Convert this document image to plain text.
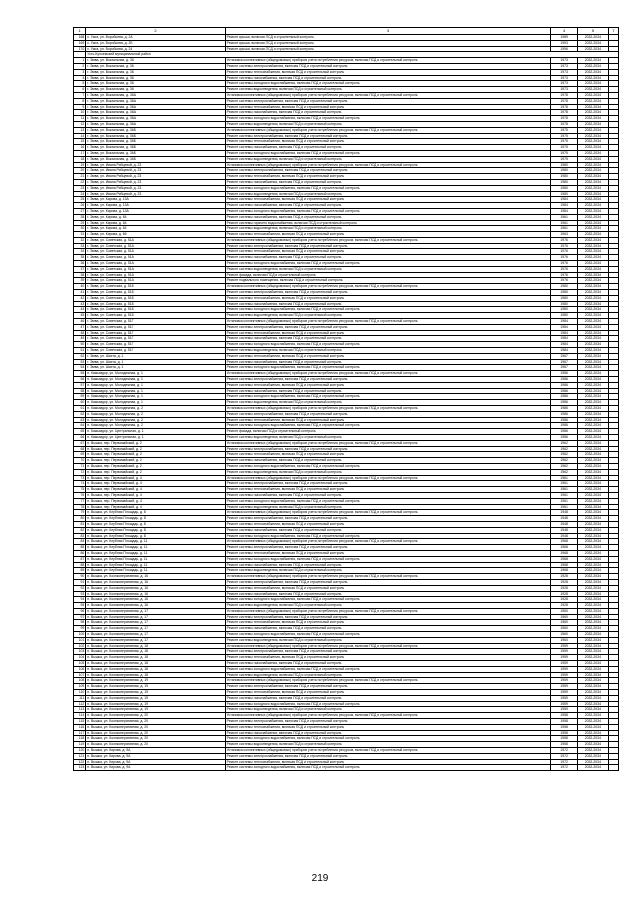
1	2	3	4	5	7
168	с. Ужга, ул. Воробьева, д. 2А	Ремонт крыши, включая ПСД и строительный контроль	1989	2032-2034	
169	с. Ужга, ул. Воробьева, д. 2Б	Ремонт крыши, включая ПСД и строительный контроль	1993	2032-2034	
170	с. Ужга, ул. Воробьева, д. 24	Ремонт крыши, включая ПСД и строительный контроль	1996	2032-2034	
	Усть-Кулоемский муниципальный район				
1	г. Эмва, ул. Вокзальная, д. 36	Установка коллективных (общедомовых) приборов учета потребления ресурсов, включая ПСД и строительный контроль	1973	2032-2034	
2	г. Эмва, ул. Вокзальная, д. 36	Ремонт системы электроснабжения, включая ПСД и строительный контроль	1973	2032-2034	
3	г. Эмва, ул. Вокзальная, д. 36	Ремонт системы теплоснабжения, включая ПСД и строительный контроль	1973	2032-2034	
4	г. Эмва, ул. Вокзальная, д. 36	Ремонт системы газоснабжения, включая ПСД и строительный контроль	1973	2032-2034	
5	г. Эмва, ул. Вокзальная, д. 36	Ремонт системы холодного водоснабжения, включая ПСД и строительный контроль	1973	2032-2034	
6	г. Эмва, ул. Вокзальная, д. 36	Ремонт системы водоотведения, включая ПСД и строительный контроль	1973	2032-2034	
7	г. Эмва, ул. Вокзальная, д. 36А	Установка коллективных (общедомовых) приборов учета потребления ресурсов, включая ПСД и строительный контроль	1978	2032-2034	
8	г. Эмва, ул. Вокзальная, д. 36А	Ремонт системы электроснабжения, включая ПСД и строительный контроль	1978	2032-2034	
9	г. Эмва, ул. Вокзальная, д. 36А	Ремонт системы теплоснабжения, включая ПСД и строительный контроль	1978	2032-2034	
10	г. Эмва, ул. Вокзальная, д. 36А	Ремонт системы газоснабжения, включая ПСД и строительный контроль	1978	2032-2034	
11	г. Эмва, ул. Вокзальная, д. 36А	Ремонт системы холодного водоснабжения, включая ПСД и строительный контроль	1978	2032-2034	
12	г. Эмва, ул. Вокзальная, д. 36А	Ремонт системы водоотведения, включая ПСД и строительный контроль	1978	2032-2034	
13	г. Эмва, ул. Вокзальная, д. 36Б	Установка коллективных (общедомовых) приборов учета потребления ресурсов, включая ПСД и строительный контроль	1975	2032-2034	
14	г. Эмва, ул. Вокзальная, д. 36Б	Ремонт системы электроснабжения, включая ПСД и строительный контроль	1975	2032-2034	
15	г. Эмва, ул. Вокзальная, д. 36Б	Ремонт системы теплоснабжения, включая ПСД и строительный контроль	1975	2032-2034	
16	г. Эмва, ул. Вокзальная, д. 36Б	Ремонт системы газоснабжения, включая ПСД и строительный контроль	1975	2032-2034	
17	г. Эмва, ул. Вокзальная, д. 36Б	Ремонт системы холодного водоснабжения, включая ПСД и строительный контроль	1975	2032-2034	
18	г. Эмва, ул. Вокзальная, д. 36Б	Ремонт системы водоотведения, включая ПСД и строительный контроль	1975	2032-2034	
19	г. Эмва, ул. Ивана Рябцевой, д. 23	Установка коллективных (общедомовых) приборов учета потребления ресурсов, включая ПСД и строительный контроль	1980	2032-2034	
20	г. Эмва, ул. Ивана Рябцевой, д. 23	Ремонт системы электроснабжения, включая ПСД и строительный контроль	1980	2032-2034	
21	г. Эмва, ул. Ивана Рябцевой, д. 23	Ремонт системы теплоснабжения, включая ПСД и строительный контроль	1980	2032-2034	
22	г. Эмва, ул. Ивана Рябцевой, д. 23	Ремонт системы газоснабжения, включая ПСД и строительный контроль	1980	2032-2034	
23	г. Эмва, ул. Ивана Рябцевой, д. 23	Ремонт системы холодного водоснабжения, включая ПСД и строительный контроль	1980	2032-2034	
24	г. Эмва, ул. Ивана Рябцевой, д. 23	Ремонт системы водоотведения, включая ПСД и строительный контроль	1980	2032-2034	
25	г. Эмва, ул. Кирова, д. 13А	Ремонт системы теплоснабжения, включая ПСД и строительный контроль	1984	2032-2034	
26	г. Эмва, ул. Кирова, д. 13А	Ремонт системы газоснабжения, включая ПСД и строительный контроль	1984	2032-2034	
27	г. Эмва, ул. Кирова, д. 13А	Ремонт системы холодного водоснабжения, включая ПСД и строительный контроль	1984	2032-2034	
28	г. Эмва, ул. Кирова, д. 64	Ремонт системы газоснабжения, включая ПСД и строительный контроль	1961	2032-2034	
29	г. Эмва, ул. Кирова, д. 64	Ремонт системы горячего водоснабжения, включая ПСД и строительный контроль	1961	2032-2034	
30	г. Эмва, ул. Кирова, д. 64	Ремонт системы водоотведения, включая ПСД и строительный контроль	1961	2032-2034	
31	г. Эмва, ул. Кирова, д. 66	Ремонт системы теплоснабжения, включая ПСД и строительный контроль	1963	2032-2034	
32	г. Эмва, ул. Советская, д. 51А	Установка коллективных (общедомовых) приборов учета потребления ресурсов, включая ПСД и строительный контроль	1976	2032-2034	
33	г. Эмва, ул. Советская, д. 51А	Ремонт системы электроснабжения, включая ПСД и строительный контроль	1976	2032-2034	
34	г. Эмва, ул. Советская, д. 51А	Ремонт системы теплоснабжения, включая ПСД и строительный контроль	1976	2032-2034	
35	г. Эмва, ул. Советская, д. 51А	Ремонт системы газоснабжения, включая ПСД и строительный контроль	1976	2032-2034	
36	г. Эмва, ул. Советская, д. 51А	Ремонт системы холодного водоснабжения, включая ПСД и строительный контроль	1976	2032-2034	
37	г. Эмва, ул. Советская, д. 51А	Ремонт системы водоотведения, включая ПСД и строительный контроль	1976	2032-2034	
38	г. Эмва, ул. Советская, д. 51А	Ремонт фасада, включая ПСД и строительный контроль	1976	2032-2034	
39	г. Эмва, ул. Советская, д. 51А	Ремонт подвального помещения, включая ПСД и строительный контроль	1976	2032-2034	
40	г. Эмва, ул. Советская, д. 51Б	Установка коллективных (общедомовых) приборов учета потребления ресурсов, включая ПСД и строительный контроль	1980	2032-2034	
41	г. Эмва, ул. Советская, д. 51Б	Ремонт системы электроснабжения, включая ПСД и строительный контроль	1980	2032-2034	
42	г. Эмва, ул. Советская, д. 51Б	Ремонт системы теплоснабжения, включая ПСД и строительный контроль	1980	2032-2034	
43	г. Эмва, ул. Советская, д. 51Б	Ремонт системы газоснабжения, включая ПСД и строительный контроль	1980	2032-2034	
44	г. Эмва, ул. Советская, д. 51Б	Ремонт системы холодного водоснабжения, включая ПСД и строительный контроль	1980	2032-2034	
45	г. Эмва, ул. Советская, д. 51Б	Ремонт системы водоотведения, включая ПСД и строительный контроль	1980	2032-2034	
46	г. Эмва, ул. Советская, д. 51Г	Установка коллективных (общедомовых) приборов учета потребления ресурсов, включая ПСД и строительный контроль	1984	2032-2034	
47	г. Эмва, ул. Советская, д. 51Г	Ремонт системы электроснабжения, включая ПСД и строительный контроль	1984	2032-2034	
48	г. Эмва, ул. Советская, д. 51Г	Ремонт системы теплоснабжения, включая ПСД и строительный контроль	1984	2032-2034	
49	г. Эмва, ул. Советская, д. 51Г	Ремонт системы газоснабжения, включая ПСД и строительный контроль	1984	2032-2034	
50	г. Эмва, ул. Советская, д. 51Г	Ремонт системы холодного водоснабжения, включая ПСД и строительный контроль	1984	2032-2034	
51	г. Эмва, ул. Советская, д. 51Г	Ремонт системы водоотведения, включая ПСД и строительный контроль	1984	2032-2034	
52	г. Эмва, ул. Шахта, д. 1	Ремонт системы теплоснабжения, включая ПСД и строительный контроль	1967	2032-2034	
53	г. Эмва, ул. Шахта, д. 1	Ремонт системы газоснабжения, включая ПСД и строительный контроль	1967	2032-2034	
54	г. Эмва, ул. Шахта, д. 1	Ремонт системы холодного водоснабжения, включая ПСД и строительный контроль	1967	2032-2034	
55	п. Кажымдор, ул. Молодежная, д. 1	Установка коллективных (общедомовых) приборов учета потребления ресурсов, включая ПСД и строительный контроль	1986	2032-2034	
56	п. Кажымдор, ул. Молодежная, д. 1	Ремонт системы электроснабжения, включая ПСД и строительный контроль	1986	2032-2034	
57	п. Кажымдор, ул. Молодежная, д. 1	Ремонт системы теплоснабжения, включая ПСД и строительный контроль	1986	2032-2034	
58	п. Кажымдор, ул. Молодежная, д. 1	Ремонт системы газоснабжения, включая ПСД и строительный контроль	1986	2032-2034	
59	п. Кажымдор, ул. Молодежная, д. 1	Ремонт системы холодного водоснабжения, включая ПСД и строительный контроль	1986	2032-2034	
60	п. Кажымдор, ул. Молодежная, д. 1	Ремонт системы водоотведения, включая ПСД и строительный контроль	1986	2032-2034	
61	п. Кажымдор, ул. Молодежная, д. 2	Установка коллективных (общедомовых) приборов учета потребления ресурсов, включая ПСД и строительный контроль	1986	2032-2034	
62	п. Кажымдор, ул. Молодежная, д. 2	Ремонт системы электроснабжения, включая ПСД и строительный контроль	1986	2032-2034	
63	п. Кажымдор, ул. Молодежная, д. 2	Ремонт системы теплоснабжения, включая ПСД и строительный контроль	1986	2032-2034	
64	п. Кажымдор, ул. Молодежная, д. 2	Ремонт системы холодного водоснабжения, включая ПСД и строительный контроль	1986	2032-2034	
65	п. Кажымдор, ул. Центральная, д. 1	Ремонт фасада, включая ПСД и строительный контроль	1986	2032-2034	
66	п. Кажымдор, ул. Центральная, д. 1	Ремонт системы водоотведения, включая ПСД и строительный контроль	1986	2032-2034	
67	п. Вышка, пер. Первомайский, д. 2	Установка коллективных (общедомовых) приборов учета потребления ресурсов, включая ПСД и строительный контроль	1962	2032-2034	
68	п. Вышка, пер. Первомайский, д. 2	Ремонт системы электроснабжения, включая ПСД и строительный контроль	1962	2032-2034	
69	п. Вышка, пер. Первомайский, д. 2	Ремонт системы теплоснабжения, включая ПСД и строительный контроль	1962	2032-2034	
70	п. Вышка, пер. Первомайский, д. 2	Ремонт системы газоснабжения, включая ПСД и строительный контроль	1962	2032-2034	
71	п. Вышка, пер. Первомайский, д. 2	Ремонт системы холодного водоснабжения, включая ПСД и строительный контроль	1962	2032-2034	
72	п. Вышка, пер. Первомайский, д. 2	Ремонт системы водоотведения, включая ПСД и строительный контроль	1962	2032-2034	
73	п. Вышка, пер. Первомайский, д. 4	Установка коллективных (общедомовых) приборов учета потребления ресурсов, включая ПСД и строительный контроль	1961	2032-2034	
74	п. Вышка, пер. Первомайский, д. 4	Ремонт системы электроснабжения, включая ПСД и строительный контроль	1961	2032-2034	
75	п. Вышка, пер. Первомайский, д. 4	Ремонт системы теплоснабжения, включая ПСД и строительный контроль	1961	2032-2034	
76	п. Вышка, пер. Первомайский, д. 4	Ремонт системы газоснабжения, включая ПСД и строительный контроль	1961	2032-2034	
77	п. Вышка, пер. Первомайский, д. 4	Ремонт системы холодного водоснабжения, включая ПСД и строительный контроль	1961	2032-2034	
78	п. Вышка, пер. Первомайский, д. 4	Ремонт системы водоотведения, включая ПСД и строительный контроль	1961	2032-2034	
79	п. Вышка, ул. Клубная Площадь, д. 8	Установка коллективных (общедомовых) приборов учета потребления ресурсов, включая ПСД и строительный контроль	1948	2032-2034	
80	п. Вышка, ул. Клубная Площадь, д. 8	Ремонт системы электроснабжения, включая ПСД и строительный контроль	1948	2032-2034	
81	п. Вышка, ул. Клубная Площадь, д. 8	Ремонт системы теплоснабжения, включая ПСД и строительный контроль	1948	2032-2034	
82	п. Вышка, ул. Клубная Площадь, д. 8	Ремонт системы газоснабжения, включая ПСД и строительный контроль	1948	2032-2034	
83	п. Вышка, ул. Клубная Площадь, д. 8	Ремонт системы холодного водоснабжения, включая ПСД и строительный контроль	1948	2032-2034	
84	п. Вышка, ул. Клубная Площадь, д. 11	Установка коллективных (общедомовых) приборов учета потребления ресурсов, включая ПСД и строительный контроль	1968	2032-2034	
85	п. Вышка, ул. Клубная Площадь, д. 11	Ремонт системы электроснабжения, включая ПСД и строительный контроль	1968	2032-2034	
86	п. Вышка, ул. Клубная Площадь, д. 11	Ремонт системы теплоснабжения, включая ПСД и строительный контроль	1968	2032-2034	
87	п. Вышка, ул. Клубная Площадь, д. 11	Ремонт системы холодного водоснабжения, включая ПСД и строительный контроль	1968	2032-2034	
88	п. Вышка, ул. Клубная Площадь, д. 11	Ремонт системы газоснабжения, включая ПСД и строительный контроль	1968	2032-2034	
89	п. Вышка, ул. Клубная Площадь, д. 11	Ремонт системы водоотведения, включая ПСД и строительный контроль	1968	2032-2034	
90	п. Вышка, ул. Коопкоперативная, д. 16	Установка коллективных (общедомовых) приборов учета потребления ресурсов, включая ПСД и строительный контроль	1928	2032-2034	
91	п. Вышка, ул. Коопкоперативная, д. 16	Ремонт системы электроснабжения, включая ПСД и строительный контроль	1928	2032-2034	
92	п. Вышка, ул. Коопкоперативная, д. 16	Ремонт системы теплоснабжения, включая ПСД и строительный контроль	1928	2032-2034	
93	п. Вышка, ул. Коопкоперативная, д. 16	Ремонт системы газоснабжения, включая ПСД и строительный контроль	1928	2032-2034	
94	п. Вышка, ул. Коопкоперативная, д. 16	Ремонт системы холодного водоснабжения, включая ПСД и строительный контроль	1928	2032-2034	
95	п. Вышка, ул. Коопкоперативная, д. 16	Ремонт системы водоотведения, включая ПСД и строительный контроль	1928	2032-2034	
96	п. Вышка, ул. Коопкоперативная, д. 17	Установка коллективных (общедомовых) приборов учета потребления ресурсов, включая ПСД и строительный контроль	1960	2032-2034	
97	п. Вышка, ул. Коопкоперативная, д. 17	Ремонт системы электроснабжения, включая ПСД и строительный контроль	1960	2032-2034	
98	п. Вышка, ул. Коопкоперативная, д. 17	Ремонт системы теплоснабжения, включая ПСД и строительный контроль	1960	2032-2034	
99	п. Вышка, ул. Коопкоперативная, д. 17	Ремонт системы газоснабжения, включая ПСД и строительный контроль	1960	2032-2034	
100	п. Вышка, ул. Коопкоперативная, д. 17	Ремонт системы холодного водоснабжения, включая ПСД и строительный контроль	1960	2032-2034	
101	п. Вышка, ул. Коопкоперативная, д. 17	Ремонт системы водоотведения, включая ПСД и строительный контроль	1960	2032-2034	
102	п. Вышка, ул. Коопкоперативная, д. 18	Установка коллективных (общедомовых) приборов учета потребления ресурсов, включая ПСД и строительный контроль	1959	2032-2034	
103	п. Вышка, ул. Коопкоперативная, д. 18	Ремонт системы электроснабжения, включая ПСД и строительный контроль	1959	2032-2034	
104	п. Вышка, ул. Коопкоперативная, д. 18	Ремонт системы теплоснабжения, включая ПСД и строительный контроль	1959	2032-2034	
105	п. Вышка, ул. Коопкоперативная, д. 18	Ремонт системы газоснабжения, включая ПСД и строительный контроль	1959	2032-2034	
106	п. Вышка, ул. Коопкоперативная, д. 18	Ремонт системы холодного водоснабжения, включая ПСД и строительный контроль	1959	2032-2034	
107	п. Вышка, ул. Коопкоперативная, д. 18	Ремонт системы водоотведения, включая ПСД и строительный контроль	1959	2032-2034	
108	п. Вышка, ул. Коопкоперативная, д. 19	Установка коллективных (общедомовых) приборов учета потребления ресурсов, включая ПСД и строительный контроль	1959	2032-2034	
109	п. Вышка, ул. Коопкоперативная, д. 19	Ремонт системы электроснабжения, включая ПСД и строительный контроль	1959	2032-2034	
110	п. Вышка, ул. Коопкоперативная, д. 19	Ремонт системы теплоснабжения, включая ПСД и строительный контроль	1959	2032-2034	
111	п. Вышка, ул. Коопкоперативная, д. 19	Ремонт системы газоснабжения, включая ПСД и строительный контроль	1959	2032-2034	
112	п. Вышка, ул. Коопкоперативная, д. 19	Ремонт системы холодного водоснабжения, включая ПСД и строительный контроль	1959	2032-2034	
113	п. Вышка, ул. Коопкоперативная, д. 19	Ремонт системы водоотведения, включая ПСД и строительный контроль	1959	2032-2034	
114	п. Вышка, ул. Коопкоперативная, д. 20	Установка коллективных (общедомовых) приборов учета потребления ресурсов, включая ПСД и строительный контроль	1958	2032-2034	
115	п. Вышка, ул. Коопкоперативная, д. 20	Ремонт системы электроснабжения, включая ПСД и строительный контроль	1958	2032-2034	
116	п. Вышка, ул. Коопкоперативная, д. 20	Ремонт системы теплоснабжения, включая ПСД и строительный контроль	1958	2032-2034	
117	п. Вышка, ул. Коопкоперативная, д. 20	Ремонт системы газоснабжения, включая ПСД и строительный контроль	1958	2032-2034	
118	п. Вышка, ул. Коопкоперативная, д. 20	Ремонт системы холодного водоснабжения, включая ПСД и строительный контроль	1958	2032-2034	
119	п. Вышка, ул. Коопкоперативная, д. 20	Ремонт системы водоотведения, включая ПСД и строительный контроль	1958	2032-2034	
120	п. Вышка, ул. Кирова, д. 9А	Установка коллективных (общедомовых) приборов учета потребления ресурсов, включая ПСД и строительный контроль	1972	2032-2034	
121	п. Вышка, ул. Кирова, д. 9А	Ремонт системы электроснабжения, включая ПСД и строительный контроль	1972	2032-2034	
122	п. Вышка, ул. Кирова, д. 9А	Ремонт системы теплоснабжения, включая ПСД и строительный контроль	1972	2032-2034	
123	п. Вышка, ул. Кирова, д. 9А	Ремонт системы холодного водоснабжения, включая ПСД и строительный контроль	1972	2032-2034	
219
